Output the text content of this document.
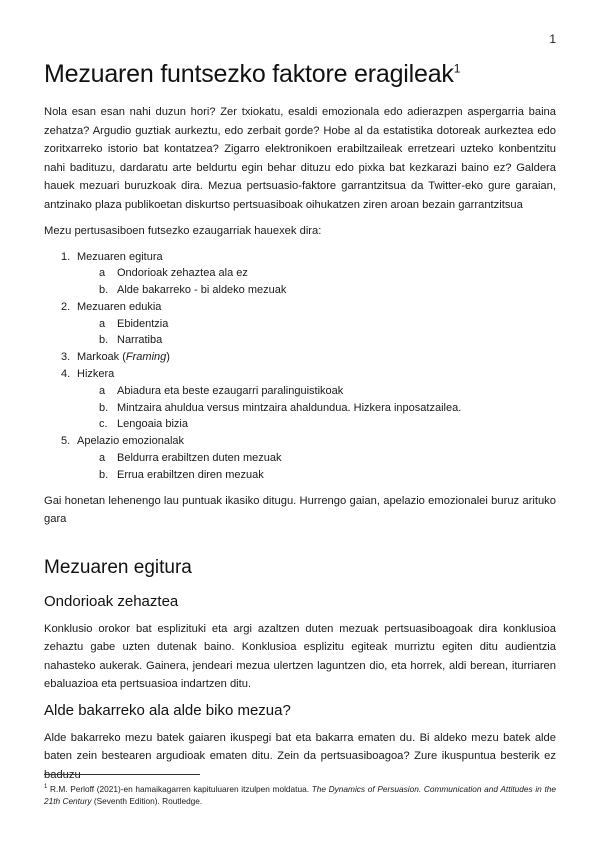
1
Mezuaren funtsezko faktore eragileak$^1$

Nola esan esan nahi duzun hori? Zer txiokatu, esaldi emozionala edo adierazpen aspergarria baina zehatza? Argudio guztiak aurkeztu, edo zerbait gorde? Hobe al da estatistika dotoreak aurkeztea edo zoritxarreko istorio bat kontatzea? Zigarro elektronikoen erabiltzaileak erretzeari uzteko konbentzitu nahi badituzu, dardaratu arte beldurtu egin behar dituzu edo pixka bat kezkarazi baino ez? Galdera hauek mezuari buruzkoak dira. Mezua pertsuasio-faktore garrantzitsua da Twitter-eko gure garaian, antzinako plaza publikoetan diskurtso pertsuasiboak oihukatzen ziren aroan bezain garrantzitsua

Mezu pertusasiboen futsezko ezaugarriak hauexek dira:

1. Mezuaren egitura
a Ondorioak zehaztea ala ez
b. Alde bakarreko - bi aldeko mezuak
2. Mezuaren edukia
a Ebidentzia
b. Narratiba
3. Markoak (Framing)
4. Hizkera
a Abiadura eta beste ezaugarri paralinguistikoak
b. Mintzaira ahuldua versus mintzaira ahaldundua. Hizkera inposatzailea.
c. Lengoaia bizia
5. Apelazio emozionalak
a Beldurra erabiltzen duten mezuak
b. Errua erabiltzen diren mezuak

Gai honetan lehenengo lau puntuak ikasiko ditugu. Hurrengo gaian, apelazio emozionalei buruz arituko gara

Mezuaren egitura
Ondorioak zehaztea

Konklusio orokor bat esplizituki eta argi azaltzen duten mezuak pertsuasiboagoak dira konklusioa zehaztu gabe uzten dutenak baino. Konklusioa esplizitu egiteak murriztu egiten ditu audientzia nahasteko aukerak. Gainera, jendeari mezua ulertzen laguntzen dio, eta horrek, aldi berean, iturriaren ebaluazioa eta pertsuasioa indartzen ditu.

Alde bakarreko ala alde biko mezua?

Alde bakarreko mezu batek gaiaren ikuspegi bat eta bakarra ematen du. Bi aldeko mezu batek alde baten zein bestearen argudioak ematen ditu. Zein da pertsuasiboagoa? Zure ikuspuntua besterik ez

$^1$ R.M. Perloff (2021)-en hamaikagarren kapituluaren itzulpen moldatua. The Dynamics of Persuasion. Communication and Attitudes in the 21th Century (Seventh Edition). Routledge.
